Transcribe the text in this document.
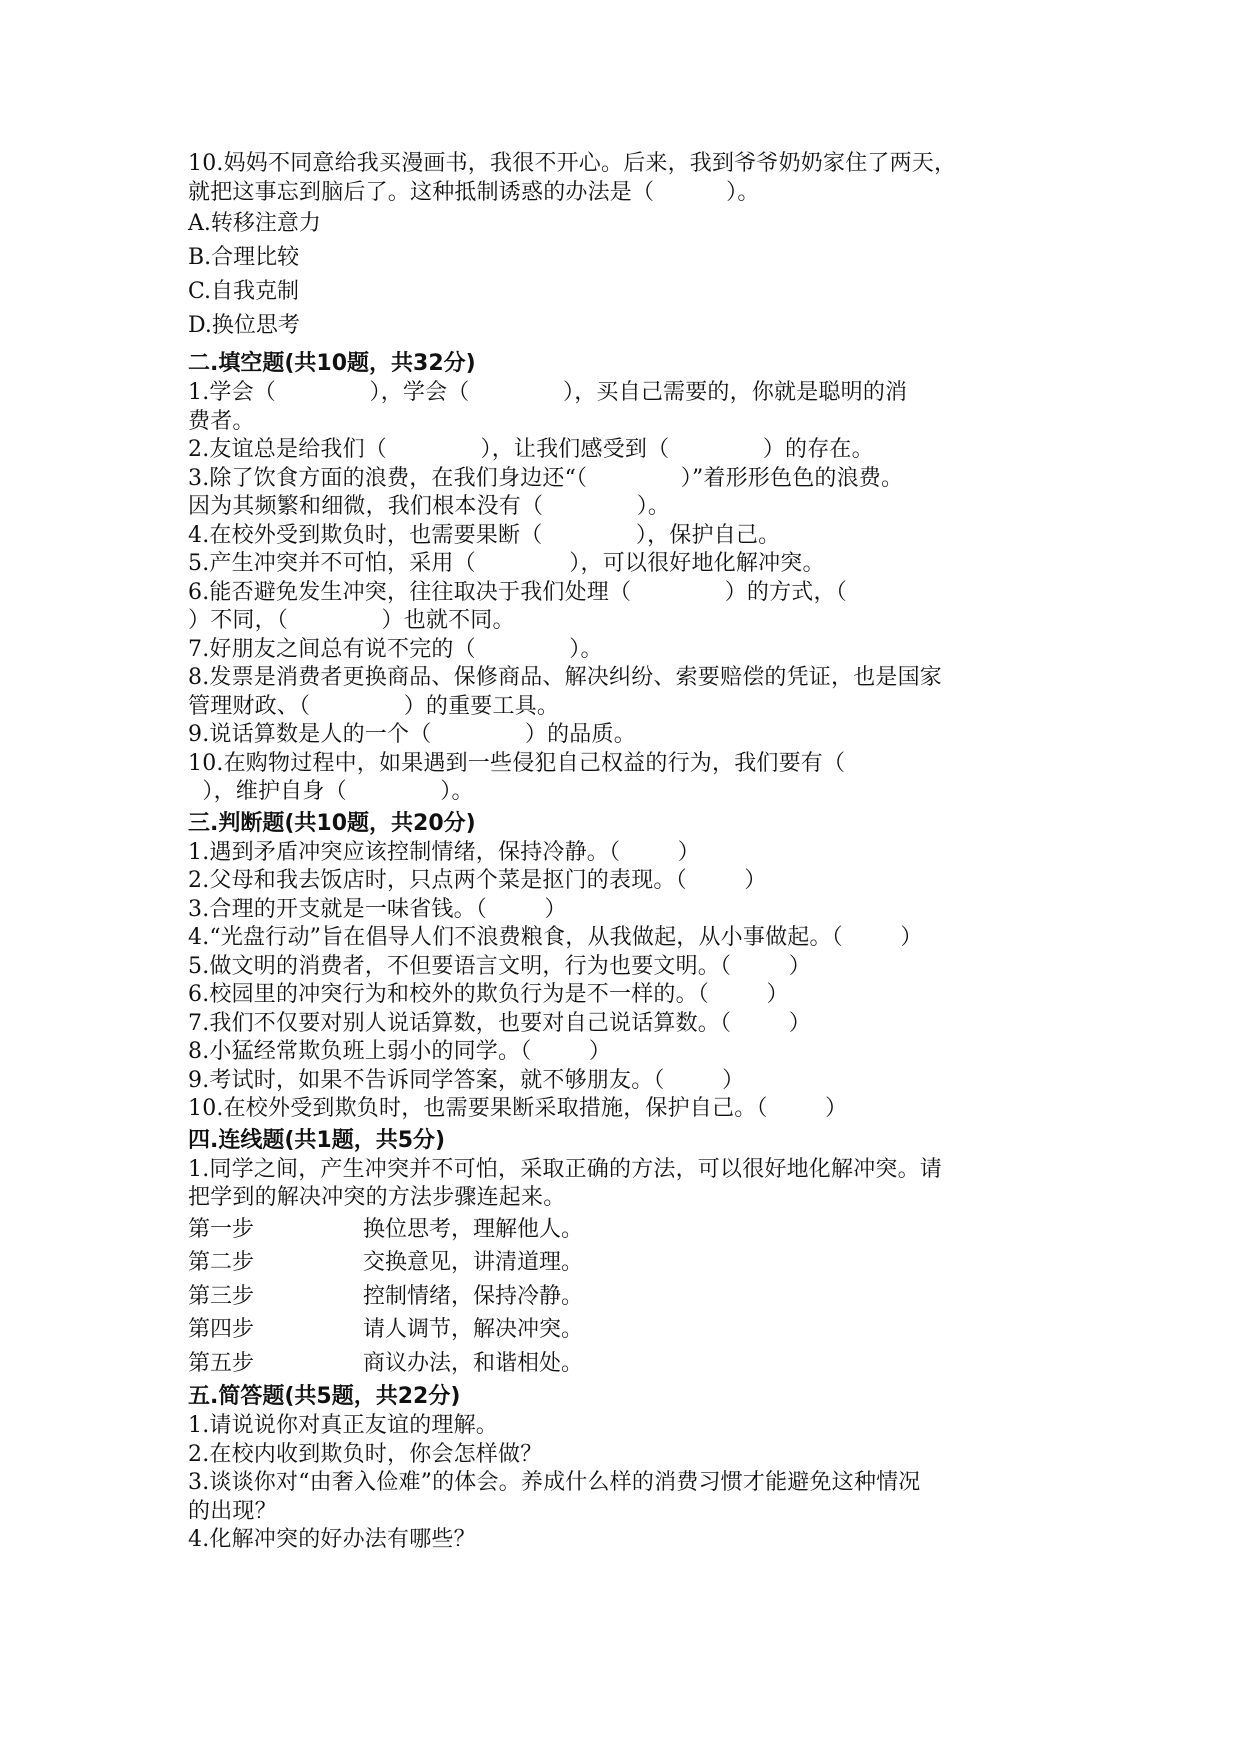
10.妈妈不同意给我买漫画书，我很不开心。后来，我到爷爷奶奶家住了两天，
就把这事忘到脑后了。这种抵制诱惑的办法是（          ）。
A.转移注意力
B.合理比较
C.自我克制
D.换位思考
二.填空题(共10题，共32分)
1.学会（             ），学会（             ），买自己需要的，你就是聪明的消
费者。
2.友谊总是给我们（             ），让我们感受到（             ）的存在。
3.除了饮食方面的浪费，在我们身边还“（             ）”着形形色色的浪费。
因为其频繁和细微，我们根本没有（             ）。
4.在校外受到欺负时，也需要果断（             ），保护自己。
5.产生冲突并不可怕，采用（             ），可以很好地化解冲突。
6.能否避免发生冲突，往往取决于我们处理（             ）的方式，（
）不同，（             ）也就不同。
7.好朋友之间总有说不完的（             ）。
8.发票是消费者更换商品、保修商品、解决纠纷、索要赔偿的凭证，也是国家
管理财政、（             ）的重要工具。
9.说话算数是人的一个（             ）的品质。
10.在购物过程中，如果遇到一些侵犯自己权益的行为，我们要有（
），维护自身（             ）。
三.判断题(共10题，共20分)
1.遇到矛盾冲突应该控制情绪，保持冷静。（        ）
2.父母和我去饭店时，只点两个菜是抠门的表现。（        ）
3.合理的开支就是一味省钱。（        ）
4.“光盘行动”旨在倡导人们不浪费粮食，从我做起，从小事做起。（        ）
5.做文明的消费者，不但要语言文明，行为也要文明。（        ）
6.校园里的冲突行为和校外的欺负行为是不一样的。（        ）
7.我们不仅要对别人说话算数，也要对自己说话算数。（        ）
8.小猛经常欺负班上弱小的同学。（        ）
9.考试时，如果不告诉同学答案，就不够朋友。（        ）
10.在校外受到欺负时，也需要果断采取措施，保护自己。（        ）
四.连线题(共1题，共5分)
1.同学之间，产生冲突并不可怕，采取正确的方法，可以很好地化解冲突。请
把学到的解决冲突的方法步骤连起来。
第一步	换位思考，理解他人。
第二步	交换意见，讲清道理。
第三步	控制情绪，保持冷静。
第四步	请人调节，解决冲突。
第五步	商议办法，和谐相处。
五.简答题(共5题，共22分)
1.请说说你对真正友谊的理解。
2.在校内收到欺负时，你会怎样做？
3.谈谈你对“由奢入俭难”的体会。养成什么样的消费习惯才能避免这种情况
的出现？
4.化解冲突的好办法有哪些？
